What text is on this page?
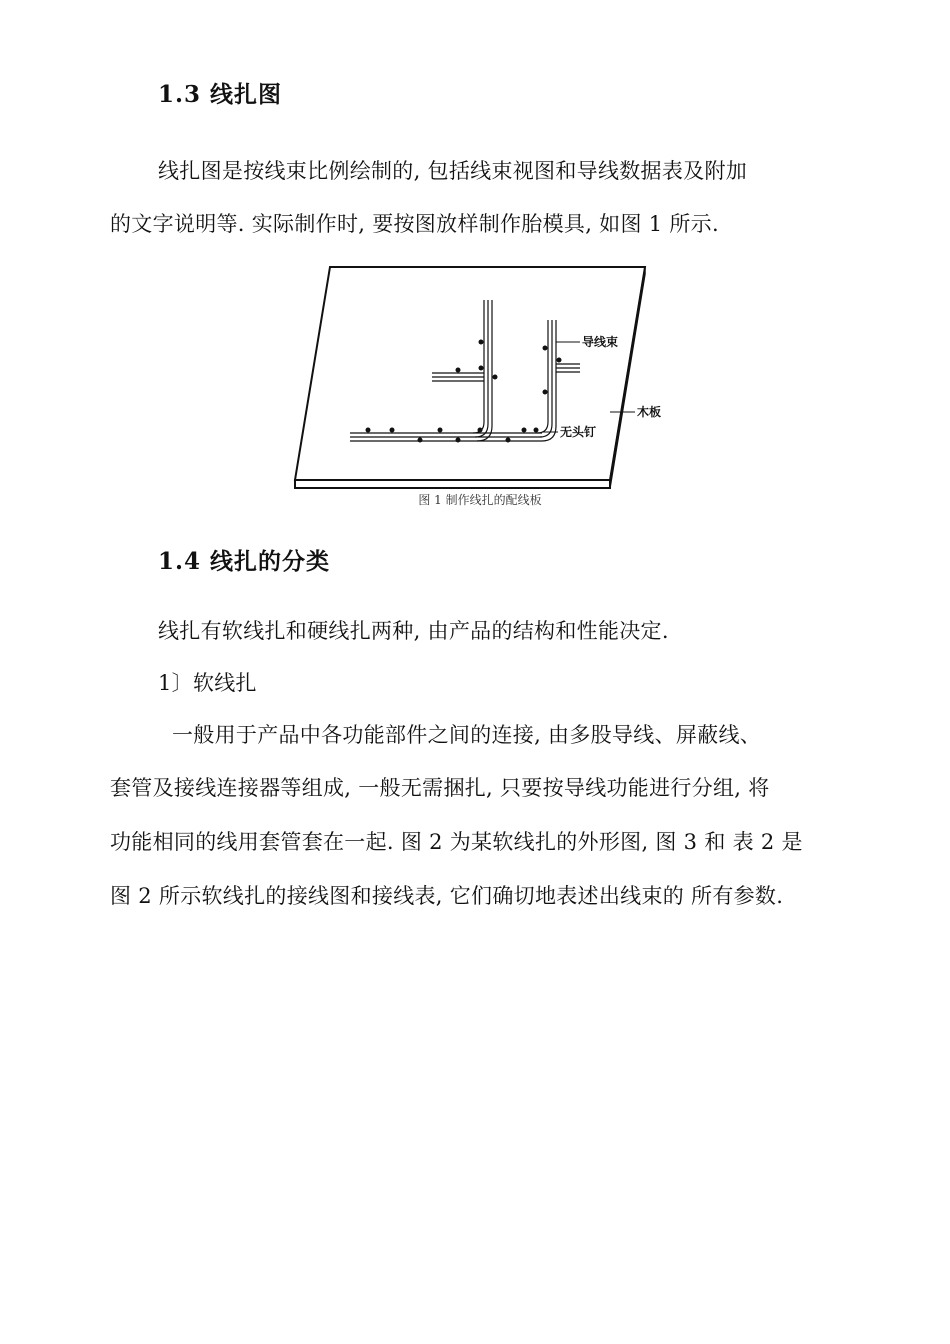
1.3 线扎图
线扎图是按线束比例绘制的, 包括线束视图和导线数据表及附加
的文字说明等. 实际制作时, 要按图放样制作胎模具, 如图 1 所示.
导线束
木板
无头钉
图 1 制作线扎的配线板
1.4 线扎的分类
线扎有软线扎和硬线扎两种, 由产品的结构和性能决定.
1〕软线扎
一般用于产品中各功能部件之间的连接, 由多股导线、屏蔽线、
套管及接线连接器等组成, 一般无需捆扎, 只要按导线功能进行分组, 将
功能相同的线用套管套在一起. 图 2 为某软线扎的外形图, 图 3 和 表 2 是
图 2 所示软线扎的接线图和接线表, 它们确切地表述出线束的 所有参数.
